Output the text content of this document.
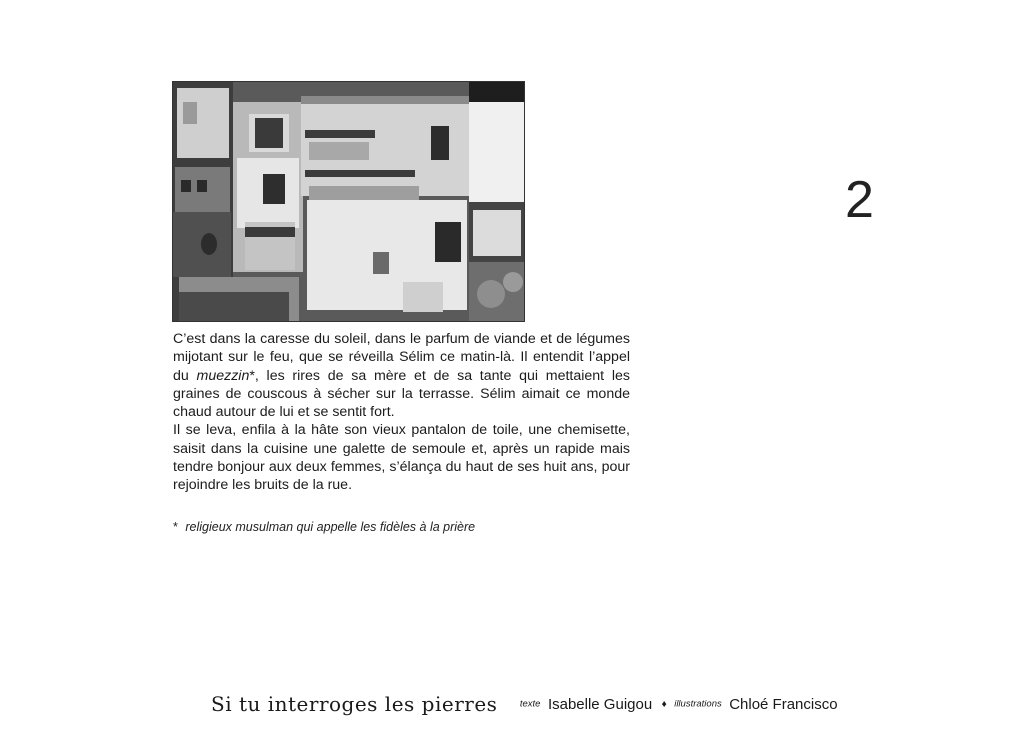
2

C’est dans la caresse du soleil, dans le parfum de viande et de légumes mijotant sur le feu, que se réveilla Sélim ce matin-là. Il entendit l’appel du muezzin*, les rires de sa mère et de sa tante qui mettaient les graines de couscous à sécher sur la terrasse. Sélim aimait ce monde chaud autour de lui et se sentit fort.

Il se leva, enfila à la hâte son vieux pantalon de toile, une chemisette, saisit dans la cuisine une galette de semoule et, après un rapide mais tendre bonjour aux deux femmes, s’élança du haut de ses huit ans, pour rejoindre les bruits de la rue.

* religieux musulman qui appelle les fidèles à la prière
Si tu interroges les pierres texte Isabelle Guigou ♦ illustrations Chloé Francisco
